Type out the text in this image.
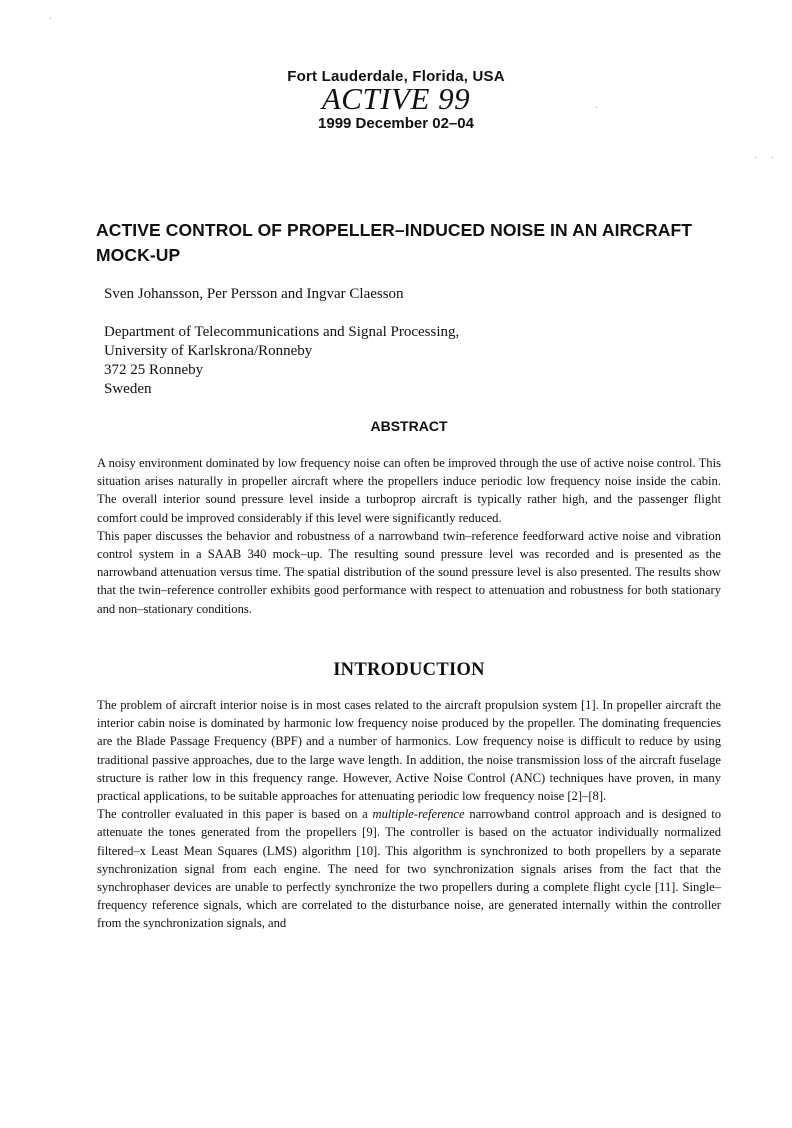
Fort Lauderdale, Florida, USA
ACTIVE 99
1999 December 02–04
ACTIVE CONTROL OF PROPELLER–INDUCED NOISE IN AN AIRCRAFT MOCK-UP
Sven Johansson, Per Persson and Ingvar Claesson
Department of Telecommunications and Signal Processing,
University of Karlskrona/Ronneby
372 25 Ronneby
Sweden
ABSTRACT

A noisy environment dominated by low frequency noise can often be improved through the use of active noise control. This situation arises naturally in propeller aircraft where the propellers induce periodic low frequency noise inside the cabin. The overall interior sound pressure level inside a turboprop aircraft is typically rather high, and the passenger flight comfort could be improved considerably if this level were significantly reduced.

This paper discusses the behavior and robustness of a narrowband twin–reference feedforward active noise and vibration control system in a SAAB 340 mock–up. The resulting sound pressure level was recorded and is presented as the narrowband attenuation versus time. The spatial distribution of the sound pressure level is also presented. The results show that the twin–reference controller exhibits good performance with respect to attenuation and robustness for both stationary and non–stationary conditions.

INTRODUCTION

The problem of aircraft interior noise is in most cases related to the aircraft propulsion system [1]. In propeller aircraft the interior cabin noise is dominated by harmonic low frequency noise produced by the propeller. The dominating frequencies are the Blade Passage Frequency (BPF) and a number of harmonics. Low frequency noise is difficult to reduce by using traditional passive approaches, due to the large wave length. In addition, the noise transmission loss of the aircraft fuselage structure is rather low in this frequency range. However, Active Noise Control (ANC) techniques have proven, in many practical applications, to be suitable approaches for attenuating periodic low frequency noise [2]–[8].

The controller evaluated in this paper is based on a multiple-reference narrowband control approach and is designed to attenuate the tones generated from the propellers [9]. The controller is based on the actuator individually normalized filtered–x Least Mean Squares (LMS) algorithm [10]. This algorithm is synchronized to both propellers by a separate synchronization signal from each engine. The need for two synchronization signals arises from the fact that the synchrophaser devices are unable to perfectly synchronize the two propellers during a complete flight cycle [11]. Single–frequency reference signals, which are correlated to the disturbance noise, are generated internally within the controller from the synchronization signals, and
